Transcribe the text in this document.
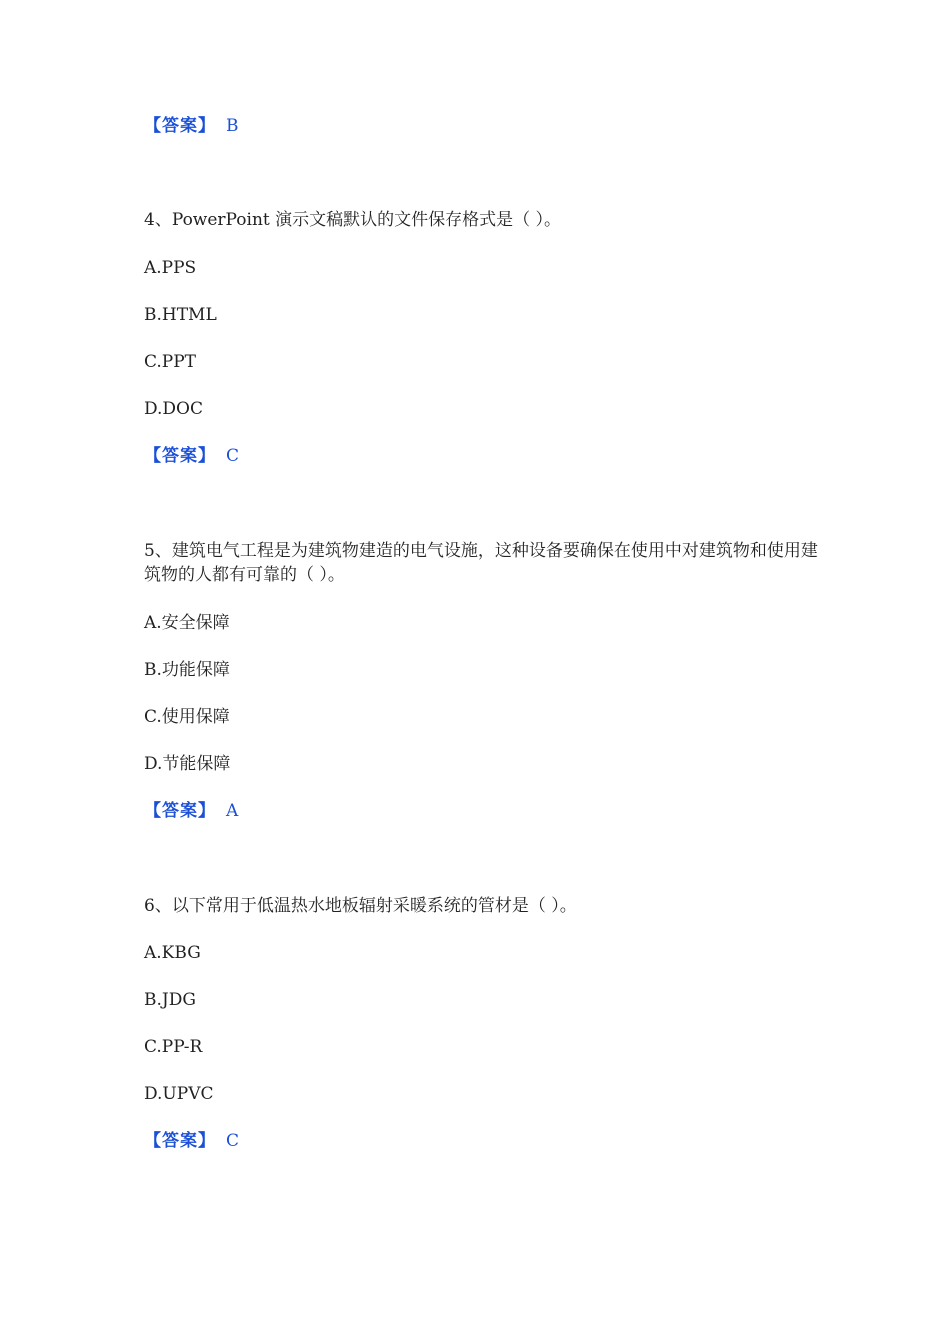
【答案】 B
4、PowerPoint 演示文稿默认的文件保存格式是（ ）。
A.PPS
B.HTML
C.PPT
D.DOC
【答案】 C
5、建筑电气工程是为建筑物建造的电气设施，这种设备要确保在使用中对建筑物和使用建筑物的人都有可靠的（ ）。
A.安全保障
B.功能保障
C.使用保障
D.节能保障
【答案】 A
6、以下常用于低温热水地板辐射采暖系统的管材是（ ）。
A.KBG
B.JDG
C.PP-R
D.UPVC
【答案】 C
